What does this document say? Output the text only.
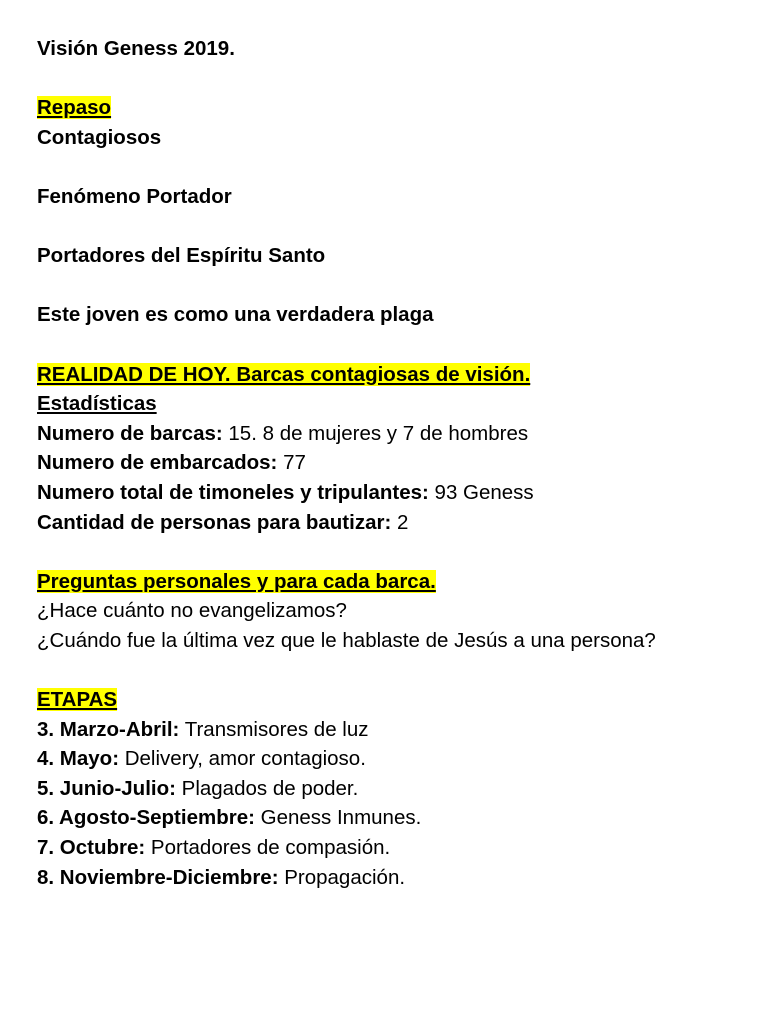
Visión Geness 2019.
Repaso
Contagiosos
Fenómeno Portador
Portadores del Espíritu Santo
Este joven es como una verdadera plaga
REALIDAD DE HOY. Barcas contagiosas de visión.
Estadísticas
Numero de barcas: 15. 8 de mujeres y 7 de hombres
Numero de embarcados: 77
Numero total de timoneles y tripulantes: 93 Geness
Cantidad de personas para bautizar: 2
Preguntas personales y para cada barca.
¿Hace cuánto no evangelizamos?
¿Cuándo fue la última vez que le hablaste de Jesús a una persona?
ETAPAS
3. Marzo-Abril: Transmisores de luz
4. Mayo: Delivery, amor contagioso.
5. Junio-Julio: Plagados de poder.
6. Agosto-Septiembre: Geness Inmunes.
7. Octubre: Portadores de compasión.
8. Noviembre-Diciembre: Propagación.
